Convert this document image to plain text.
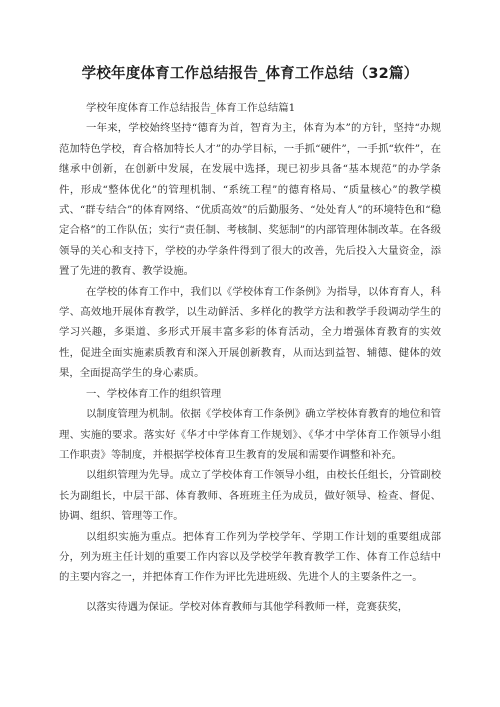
学校年度体育工作总结报告_体育工作总结（32篇）

学校年度体育工作总结报告_体育工作总结篇1

一年来，学校始终坚持“德育为首，智育为主，体育为本”的方针，坚持“办规范加特色学校，育合格加特长人才”的办学目标，一手抓“硬件”，一手抓“软件”，在继承中创新，在创新中发展，在发展中选择，现已初步具备“基本规范”的办学条件，形成“整体优化”的管理机制、“系统工程”的德育格局、“质量核心”的教学模式、“群专结合”的体育网络、“优质高效”的后勤服务、“处处育人”的环境特色和“稳定合格”的工作队伍；实行“责任制、考核制、奖惩制”的内部管理体制改革。在各级领导的关心和支持下，学校的办学条件得到了很大的改善，先后投入大量资金，添置了先进的教育、教学设施。

在学校的体育工作中，我们以《学校体育工作条例》为指导，以体育育人，科学、高效地开展体育教学，以生动鲜活、多样化的教学方法和教学手段调动学生的学习兴趣，多渠道、多形式开展丰富多彩的体育活动，全力增强体育教育的实效性，促进全面实施素质教育和深入开展创新教育，从而达到益智、辅德、健体的效果，全面提高学生的身心素质。

一、学校体育工作的组织管理

以制度管理为机制。依据《学校体育工作条例》确立学校体育教育的地位和管理、实施的要求。落实好《华才中学体育工作规划》、《华才中学体育工作领导小组工作职责》等制度，并根据学校体育卫生教育的发展和需要作调整和补充。

以组织管理为先导。成立了学校体育工作领导小组，由校长任组长，分管副校长为副组长，中层干部、体育教师、各班班主任为成员，做好领导、检查、督促、协调、组织、管理等工作。

以组织实施为重点。把体育工作列为学校学年、学期工作计划的重要组成部分，列为班主任计划的重要工作内容以及学校学年教育教学工作、体育工作总结中的主要内容之一，并把体育工作作为评比先进班级、先进个人的主要条件之一。

以落实待遇为保证。学校对体育教师与其他学科教师一样，竞赛获奖，
